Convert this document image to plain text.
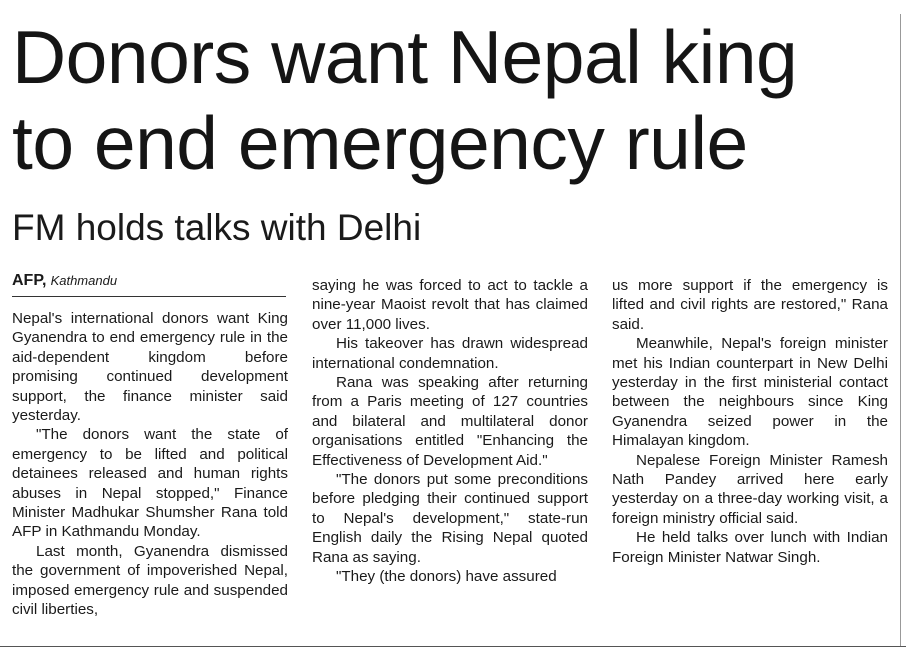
Donors want Nepal king
to end emergency rule
FM holds talks with Delhi
AFP, Kathmandu

Nepal's international donors want King Gyanendra to end emergency rule in the aid-dependent kingdom before promising continued development support, the finance minister said yesterday.

"The donors want the state of emergency to be lifted and political detainees released and human rights abuses in Nepal stopped," Finance Minister Madhukar Shumsher Rana told AFP in Kathmandu Monday.

Last month, Gyanendra dismissed the government of impoverished Nepal, imposed emergency rule and suspended civil liberties,

saying he was forced to act to tackle a nine-year Maoist revolt that has claimed over 11,000 lives.

His takeover has drawn widespread international condemnation.

Rana was speaking after returning from a Paris meeting of 127 countries and bilateral and multilateral donor organisations entitled "Enhancing the Effectiveness of Development Aid."

"The donors put some preconditions before pledging their continued support to Nepal's development," state-run English daily the Rising Nepal quoted Rana as saying.

"They (the donors) have assured

us more support if the emergency is lifted and civil rights are restored," Rana said.

Meanwhile, Nepal's foreign minister met his Indian counterpart in New Delhi yesterday in the first ministerial contact between the neighbours since King Gyanendra seized power in the Himalayan kingdom.

Nepalese Foreign Minister Ramesh Nath Pandey arrived here early yesterday on a three-day working visit, a foreign ministry official said.

He held talks over lunch with Indian Foreign Minister Natwar Singh.
